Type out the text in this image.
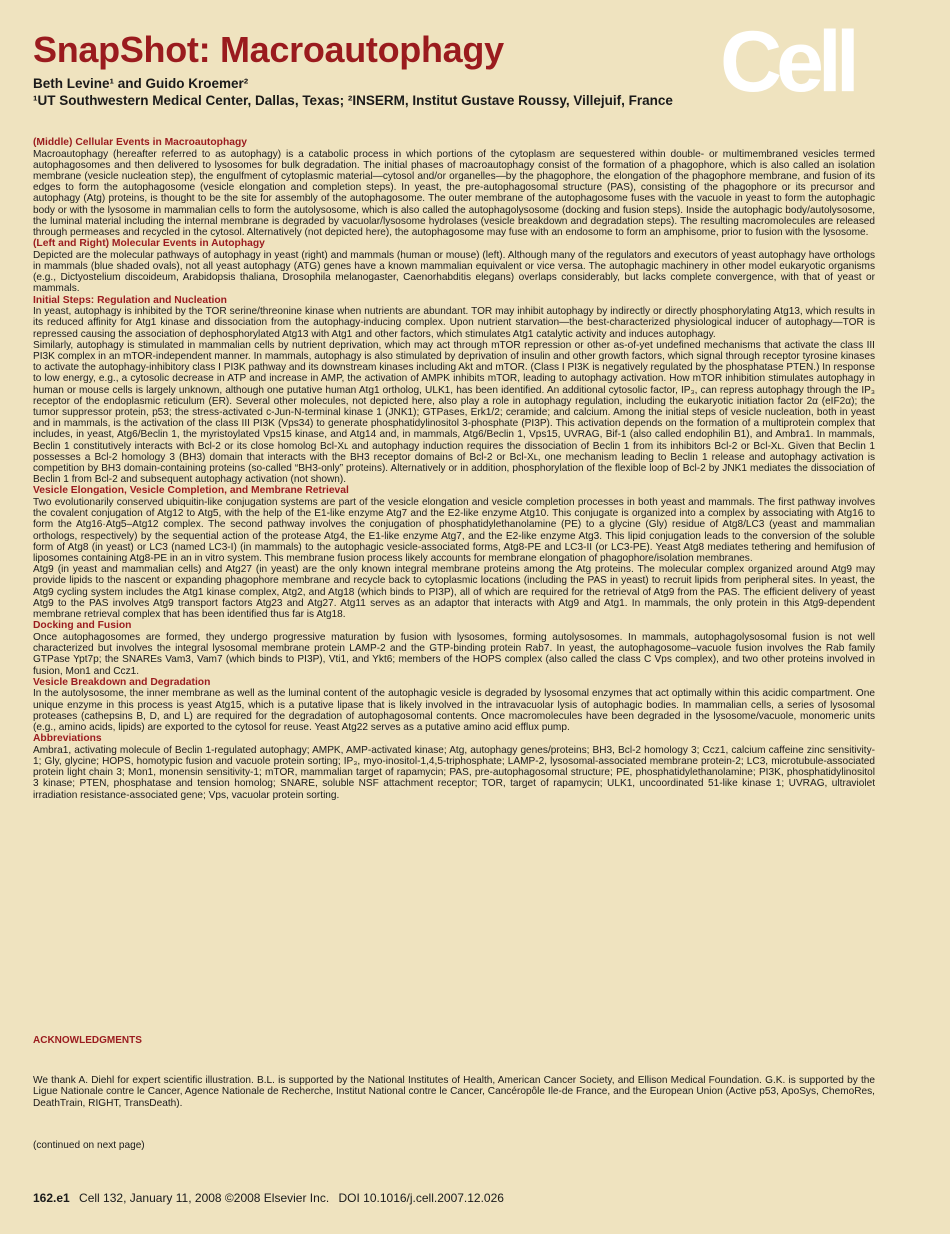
SnapShot: Macroautophagy
Beth Levine¹ and Guido Kroemer²
¹UT Southwestern Medical Center, Dallas, Texas; ²INSERM, Institut Gustave Roussy, Villejuif, France Cell
(Middle) Cellular Events in Macroautophagy

Macroautophagy (hereafter referred to as autophagy) is a catabolic process in which portions of the cytoplasm are sequestered within double- or multimembraned vesicles termed autophagosomes and then delivered to lysosomes for bulk degradation. The initial phases of macroautophagy consist of the formation of a phagophore, which is also called an isolation membrane (vesicle nucleation step), the engulfment of cytoplasmic material—cytosol and/or organelles—by the phagophore, the elongation of the phagophore membrane, and fusion of its edges to form the autophagosome (vesicle elongation and completion steps). In yeast, the pre-autophagosomal structure (PAS), consisting of the phagophore or its precursor and autophagy (Atg) proteins, is thought to be the site for assembly of the autophagosome. The outer membrane of the autophagosome fuses with the vacuole in yeast to form the autophagic body or with the lysosome in mammalian cells to form the autolysosome, which is also called the autophagolysosome (docking and fusion steps). Inside the autophagic body/autolysosome, the luminal material including the internal membrane is degraded by vacuolar/lysosome hydrolases (vesicle breakdown and degradation steps). The resulting macromolecules are released through permeases and recycled in the cytosol. Alternatively (not depicted here), the autophagosome may fuse with an endosome to form an amphisome, prior to fusion with the lysosome.

(Left and Right) Molecular Events in Autophagy

Depicted are the molecular pathways of autophagy in yeast (right) and mammals (human or mouse) (left). Although many of the regulators and executors of yeast autophagy have orthologs in mammals (blue shaded ovals), not all yeast autophagy (ATG) genes have a known mammalian equivalent or vice versa. The autophagic machinery in other model eukaryotic organisms (e.g., Dictyostelium discoideum, Arabidopsis thaliana, Drosophila melanogaster, Caenorhabditis elegans) overlaps considerably, but lacks complete convergence, with that of yeast or mammals.

Initial Steps: Regulation and Nucleation

In yeast, autophagy is inhibited by the TOR serine/threonine kinase when nutrients are abundant. TOR may inhibit autophagy by indirectly or directly phosphorylating Atg13, which results in its reduced affinity for Atg1 kinase and dissociation from the autophagy-inducing complex. Upon nutrient starvation—the best-characterized physiological inducer of autophagy—TOR is repressed causing the association of dephosphorylated Atg13 with Atg1 and other factors, which stimulates Atg1 catalytic activity and induces autophagy.

Similarly, autophagy is stimulated in mammalian cells by nutrient deprivation, which may act through mTOR repression or other as-of-yet undefined mechanisms that activate the class III PI3K complex in an mTOR-independent manner. In mammals, autophagy is also stimulated by deprivation of insulin and other growth factors, which signal through receptor tyrosine kinases to activate the autophagy-inhibitory class I PI3K pathway and its downstream kinases including Akt and mTOR. (Class I PI3K is negatively regulated by the phosphatase PTEN.) In response to low energy, e.g., a cytosolic decrease in ATP and increase in AMP, the activation of AMPK inhibits mTOR, leading to autophagy activation. How mTOR inhibition stimulates autophagy in human or mouse cells is largely unknown, although one putative human Atg1 ortholog, ULK1, has been identified. An additional cytosolic factor, IP₃, can repress autophagy through the IP₃ receptor of the endoplasmic reticulum (ER). Several other molecules, not depicted here, also play a role in autophagy regulation, including the eukaryotic initiation factor 2α (eIF2α); the tumor suppressor protein, p53; the stress-activated c-Jun-N-terminal kinase 1 (JNK1); GTPases, Erk1/2; ceramide; and calcium. Among the initial steps of vesicle nucleation, both in yeast and in mammals, is the activation of the class III PI3K (Vps34) to generate phosphatidylinositol 3-phosphate (PI3P). This activation depends on the formation of a multiprotein complex that includes, in yeast, Atg6/Beclin 1, the myristoylated Vps15 kinase, and Atg14 and, in mammals, Atg6/Beclin 1, Vps15, UVRAG, Bif-1 (also called endophilin B1), and Ambra1. In mammals, Beclin 1 constitutively interacts with Bcl-2 or its close homolog Bcl-Xʟ and autophagy induction requires the dissociation of Beclin 1 from its inhibitors Bcl-2 or Bcl-Xʟ. Given that Beclin 1 possesses a Bcl-2 homology 3 (BH3) domain that interacts with the BH3 receptor domains of Bcl-2 or Bcl-Xʟ, one mechanism leading to Beclin 1 release and autophagy activation is competition by BH3 domain-containing proteins (so-called “BH3-only” proteins). Alternatively or in addition, phosphorylation of the flexible loop of Bcl-2 by JNK1 mediates the dissociation of Beclin 1 from Bcl-2 and subsequent autophagy activation (not shown).

Vesicle Elongation, Vesicle Completion, and Membrane Retrieval

Two evolutionarily conserved ubiquitin-like conjugation systems are part of the vesicle elongation and vesicle completion processes in both yeast and mammals. The first pathway involves the covalent conjugation of Atg12 to Atg5, with the help of the E1-like enzyme Atg7 and the E2-like enzyme Atg10. This conjugate is organized into a complex by associating with Atg16 to form the Atg16·Atg5–Atg12 complex. The second pathway involves the conjugation of phosphatidylethanolamine (PE) to a glycine (Gly) residue of Atg8/LC3 (yeast and mammalian orthologs, respectively) by the sequential action of the protease Atg4, the E1-like enzyme Atg7, and the E2-like enzyme Atg3. This lipid conjugation leads to the conversion of the soluble form of Atg8 (in yeast) or LC3 (named LC3-I) (in mammals) to the autophagic vesicle-associated forms, Atg8-PE and LC3-II (or LC3-PE). Yeast Atg8 mediates tethering and hemifusion of liposomes containing Atg8-PE in an in vitro system. This membrane fusion process likely accounts for membrane elongation of phagophore/isolation membranes.

Atg9 (in yeast and mammalian cells) and Atg27 (in yeast) are the only known integral membrane proteins among the Atg proteins. The molecular complex organized around Atg9 may provide lipids to the nascent or expanding phagophore membrane and recycle back to cytoplasmic locations (including the PAS in yeast) to recruit lipids from peripheral sites. In yeast, the Atg9 cycling system includes the Atg1 kinase complex, Atg2, and Atg18 (which binds to PI3P), all of which are required for the retrieval of Atg9 from the PAS. The efficient delivery of yeast Atg9 to the PAS involves Atg9 transport factors Atg23 and Atg27. Atg11 serves as an adaptor that interacts with Atg9 and Atg1. In mammals, the only protein in this Atg9-dependent membrane retrieval complex that has been identified thus far is Atg18.

Docking and Fusion

Once autophagosomes are formed, they undergo progressive maturation by fusion with lysosomes, forming autolysosomes. In mammals, autophagolysosomal fusion is not well characterized but involves the integral lysosomal membrane protein LAMP-2 and the GTP-binding protein Rab7. In yeast, the autophagosome–vacuole fusion involves the Rab family GTPase Ypt7p; the SNAREs Vam3, Vam7 (which binds to PI3P), Vti1, and Ykt6; members of the HOPS complex (also called the class C Vps complex), and two other proteins involved in fusion, Mon1 and Ccz1.

Vesicle Breakdown and Degradation

In the autolysosome, the inner membrane as well as the luminal content of the autophagic vesicle is degraded by lysosomal enzymes that act optimally within this acidic compartment. One unique enzyme in this process is yeast Atg15, which is a putative lipase that is likely involved in the intravacuolar lysis of autophagic bodies. In mammalian cells, a series of lysosomal proteases (cathepsins B, D, and L) are required for the degradation of autophagosomal contents. Once macromolecules have been degraded in the lysosome/vacuole, monomeric units (e.g., amino acids, lipids) are exported to the cytosol for reuse. Yeast Atg22 serves as a putative amino acid efflux pump.

Abbreviations

Ambra1, activating molecule of Beclin 1-regulated autophagy; AMPK, AMP-activated kinase; Atg, autophagy genes/proteins; BH3, Bcl-2 homology 3; Ccz1, calcium caffeine zinc sensitivity-1; Gly, glycine; HOPS, homotypic fusion and vacuole protein sorting; IP₃, myo-inositol-1,4,5-triphosphate; LAMP-2, lysosomal-associated membrane protein-2; LC3, microtubule-associated protein light chain 3; Mon1, monensin sensitivity-1; mTOR, mammalian target of rapamycin; PAS, pre-autophagosomal structure; PE, phosphatidylethanolamine; PI3K, phosphatidylinositol 3 kinase; PTEN, phosphatase and tension homolog; SNARE, soluble NSF attachment receptor; TOR, target of rapamycin; ULK1, uncoordinated 51-like kinase 1; UVRAG, ultraviolet irradiation resistance-associated gene; Vps, vacuolar protein sorting.

ACKNOWLEDGMENTS

We thank A. Diehl for expert scientific illustration. B.L. is supported by the National Institutes of Health, American Cancer Society, and Ellison Medical Foundation. G.K. is supported by the Ligue Nationale contre le Cancer, Agence Nationale de Recherche, Institut National contre le Cancer, Cancéropôle Ile-de France, and the European Union (Active p53, ApoSys, ChemoRes, DeathTrain, RIGHT, TransDeath).

(continued on next page)
162.e1 Cell 132, January 11, 2008 ©2008 Elsevier Inc. DOI 10.1016/j.cell.2007.12.026
